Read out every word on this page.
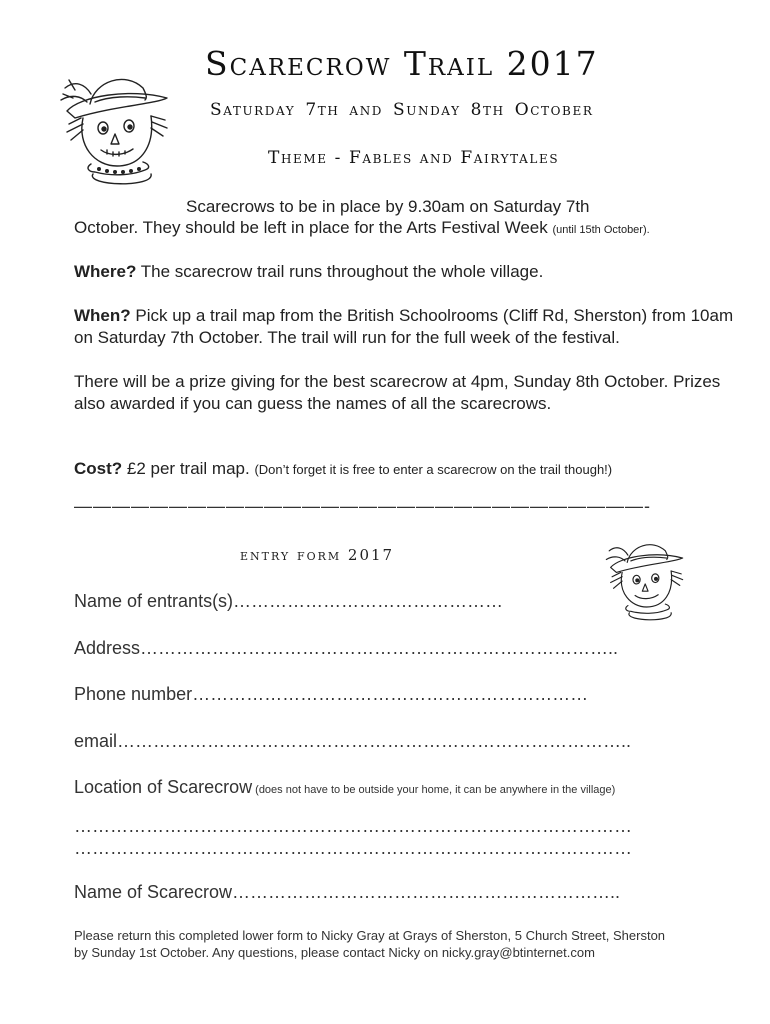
Scarecrow Trail 2017
Saturday 7th and Sunday 8th October
Theme - Fables and Fairytales
Scarecrows to be in place by 9.30am on Saturday 7th
October. They should be left in place for the Arts Festival Week (until 15th October).
Where? The scarecrow trail runs throughout the whole village.
When? Pick up a trail map from the British Schoolrooms (Cliff Rd, Sherston) from 10am on Saturday 7th October. The trail will run for the full week of the festival.
There will be a prize giving for the best scarecrow at 4pm, Sunday 8th October. Prizes also awarded if you can guess the names of all the scarecrows.
Cost? £2 per trail map. (Don’t forget it is free to enter a scarecrow on the trail though!)
——————————————————————————————-
entry form 2017
Name of entrants(s)………………………………………
Address……………………………………………………………………..
Phone number…………………………………………………………
email…………………………………………………………………………..
Location of Scarecrow (does not have to be outside your home, it can be anywhere in the village)
…………………………………………………………………………………
…………………………………………………………………………………
Name of Scarecrow………………………………………………………..
Please return this completed lower form to Nicky Gray at Grays of Sherston, 5 Church Street, Sherston
by Sunday 1st October. Any questions, please contact Nicky on nicky.gray@btinternet.com
